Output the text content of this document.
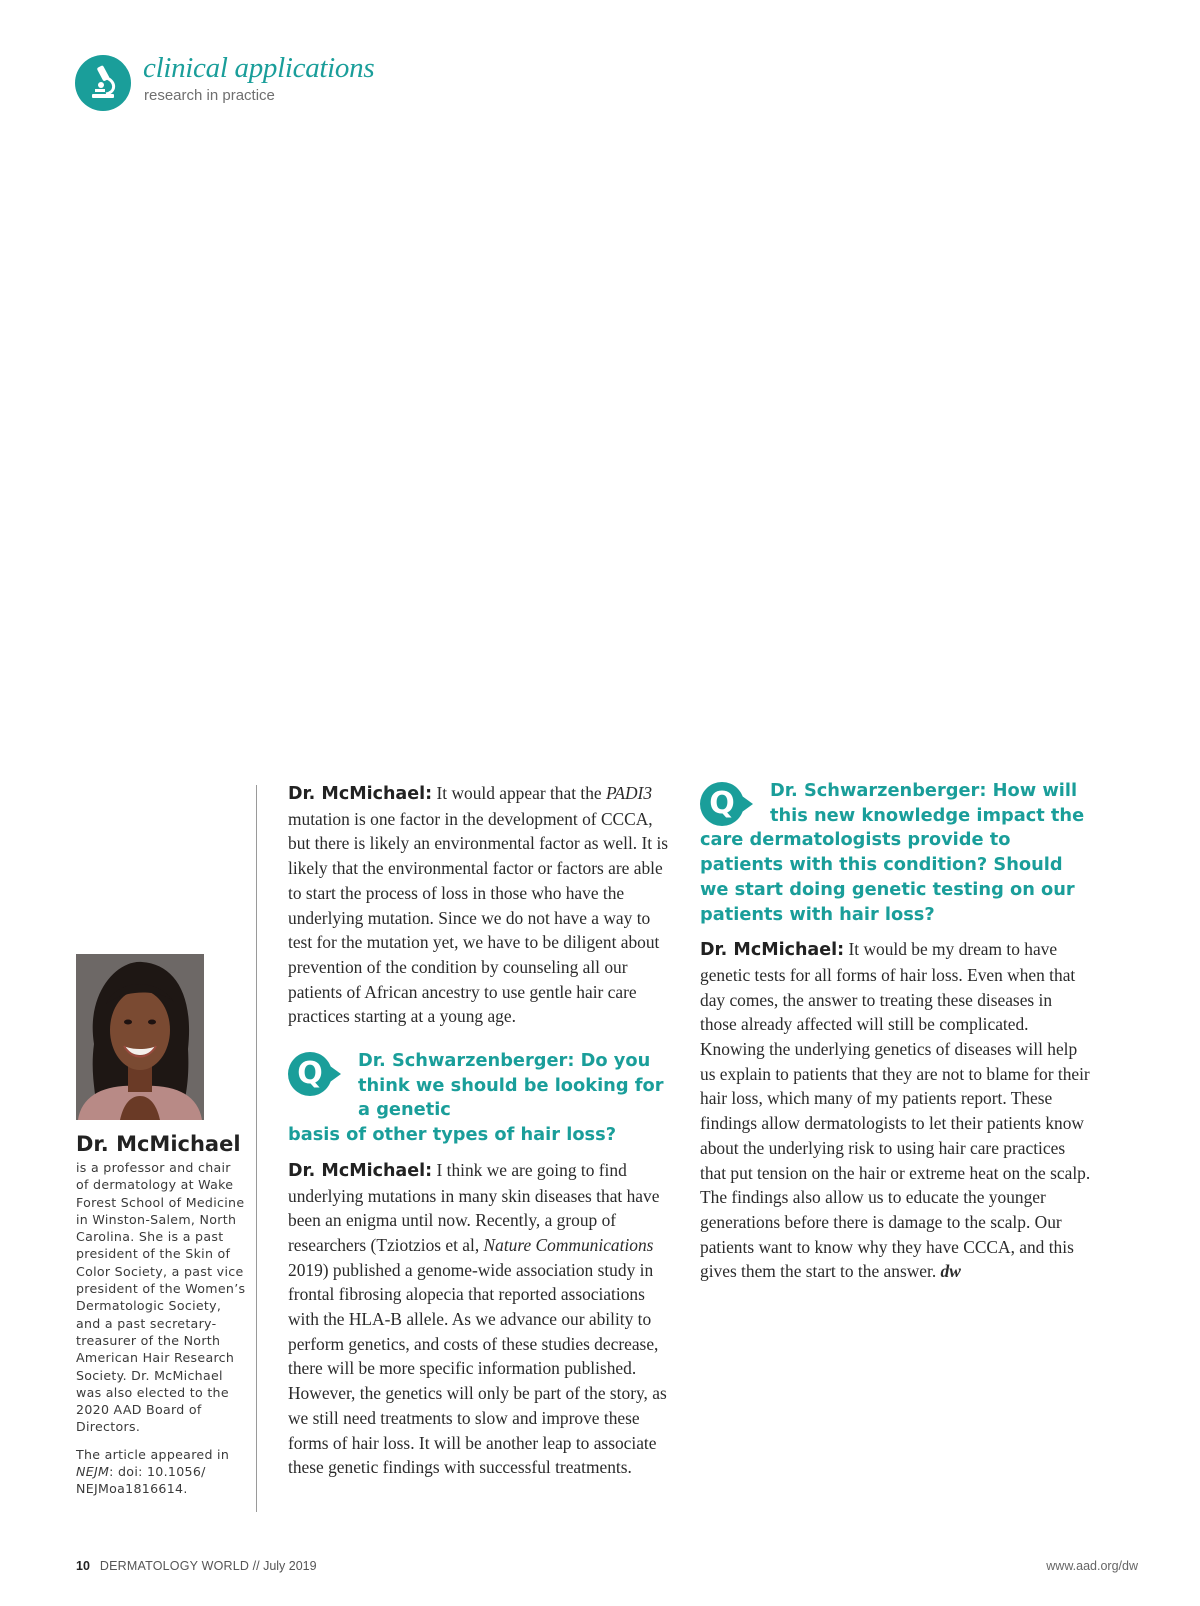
clinical applications
research in practice
Dr. McMichael

is a professor and chair of dermatology at Wake Forest School of Medicine in Winston-Salem, North Carolina. She is a past president of the Skin of Color Society, a past vice president of the Women’s Dermatologic Society, and a past secretary-treasurer of the North American Hair Research Society. Dr. McMichael was also elected to the 2020 AAD Board of Directors.

The article appeared in NEJM: doi: 10.1056/ NEJMoa1816614.

Dr. McMichael: It would appear that the PADI3 mutation is one factor in the development of CCCA, but there is likely an environmental factor as well. It is likely that the environmental factor or factors are able to start the process of loss in those who have the underlying mutation. Since we do not have a way to test for the mutation yet, we have to be diligent about prevention of the condition by counseling all our patients of African ancestry to use gentle hair care practices starting at a young age.

Q	Dr. Schwarzenberger: Do you think we should be looking for a genetic
basis of other types of hair loss?

Dr. McMichael: I think we are going to find underlying mutations in many skin diseases that have been an enigma until now. Recently, a group of researchers (Tziotzios et al, Nature Communications 2019) published a genome-wide association study in frontal fibrosing alopecia that reported associations with the HLA-B allele. As we advance our ability to perform genetics, and costs of these studies decrease, there will be more specific information published. However, the genetics will only be part of the story, as we still need treatments to slow and improve these forms of hair loss. It will be another leap to associate these genetic findings with successful treatments.

Q	Dr. Schwarzenberger: How will this new knowledge impact the
care dermatologists provide to patients with this condition? Should we start doing genetic testing on our patients with hair loss?

Dr. McMichael: It would be my dream to have genetic tests for all forms of hair loss. Even when that day comes, the answer to treating these diseases in those already affected will still be complicated. Knowing the underlying genetics of diseases will help us explain to patients that they are not to blame for their hair loss, which many of my patients report. These findings allow dermatologists to let their patients know about the underlying risk to using hair care practices that put tension on the hair or extreme heat on the scalp. The findings also allow us to educate the younger generations before there is damage to the scalp. Our patients want to know why they have CCCA, and this gives them the start to the answer. dw

10 DERMATOLOGY WORLD // July 2019	www.aad.org/dw
